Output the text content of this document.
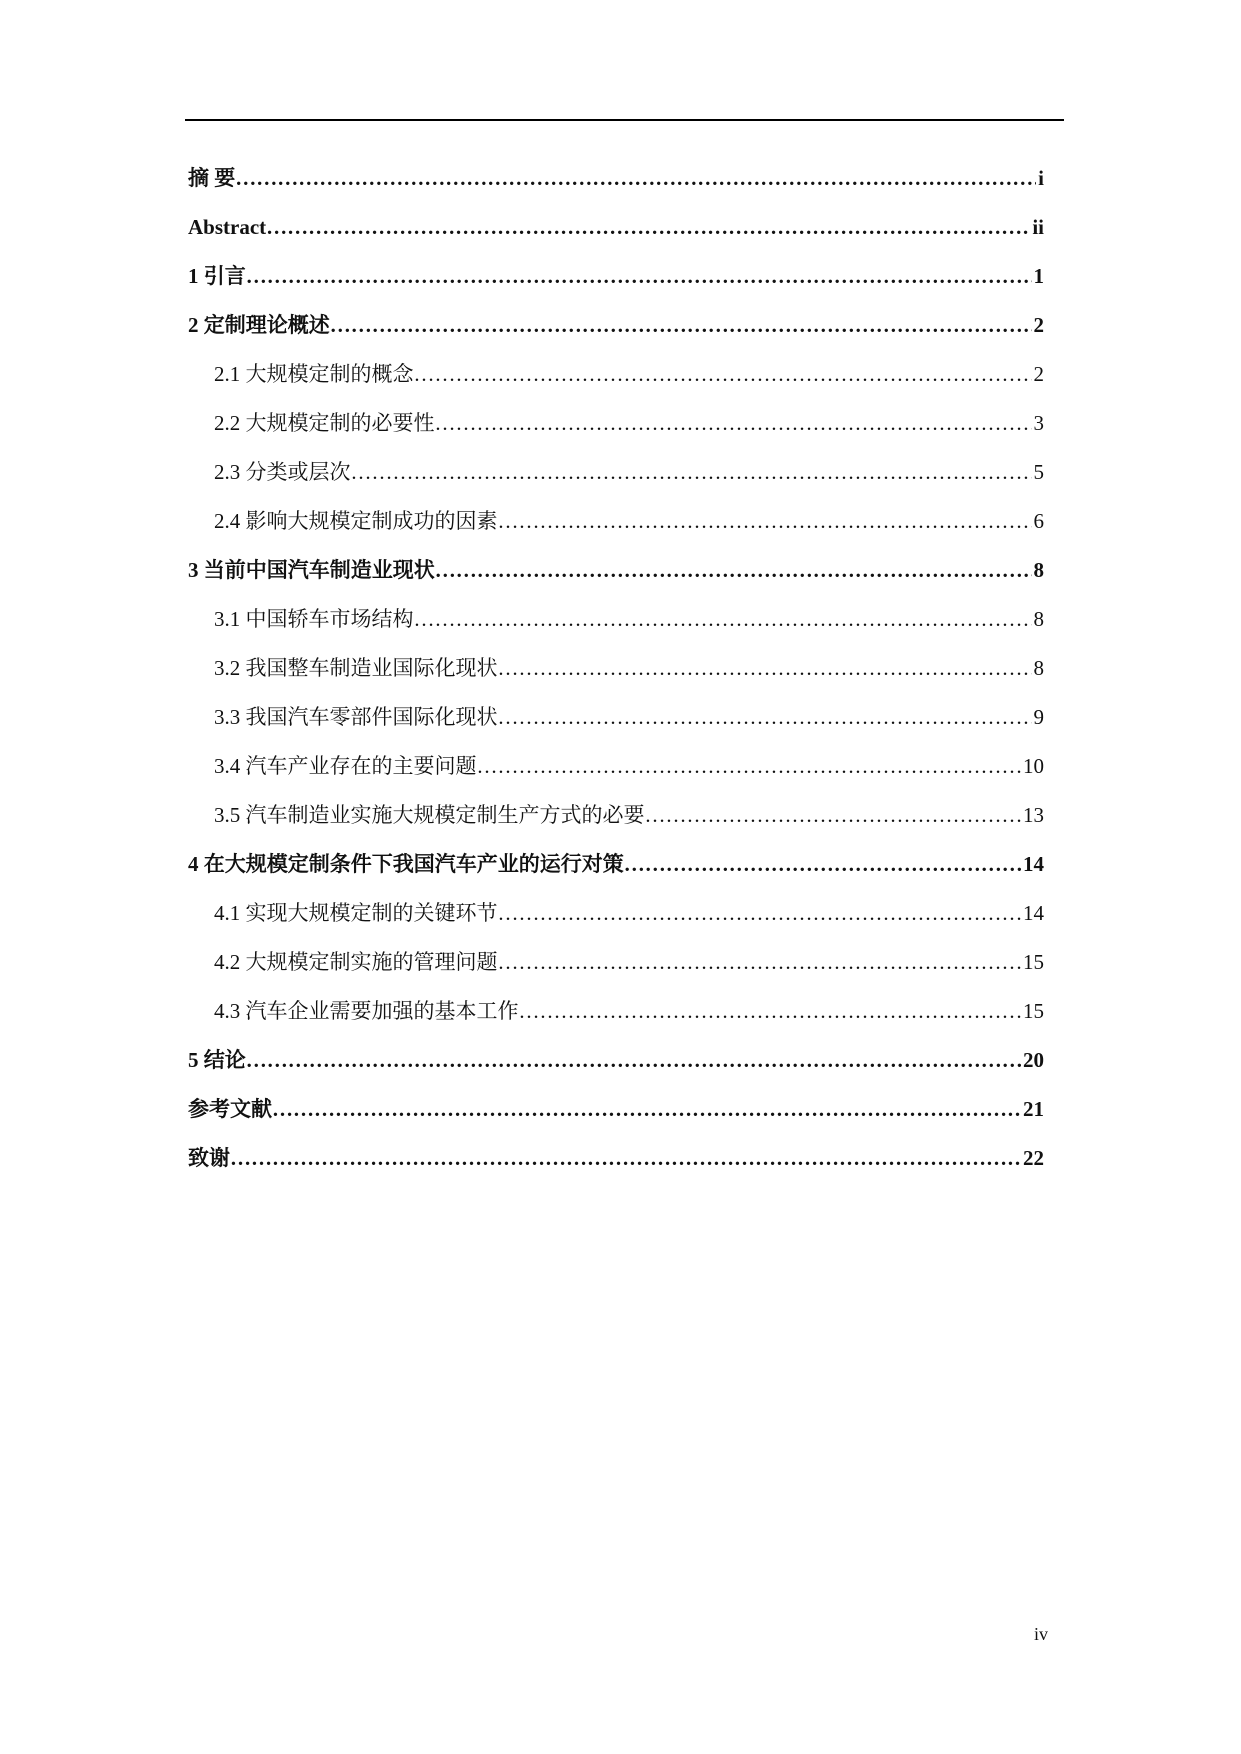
摘 要 …………………………………………………………………………………………………………………………………………………………………………………………	i
Abstract …………………………………………………………………………………………………………………………………………………………………………………………	ii
1 引言 …………………………………………………………………………………………………………………………………………………………………………………………	1
2 定制理论概述 …………………………………………………………………………………………………………………………………………………………………………………………	2
2.1 大规模定制的概念 …………………………………………………………………………………………………………………………………………………………………………………………	2
2.2 大规模定制的必要性 …………………………………………………………………………………………………………………………………………………………………………………………	3
2.3 分类或层次 …………………………………………………………………………………………………………………………………………………………………………………………	5
2.4 影响大规模定制成功的因素 …………………………………………………………………………………………………………………………………………………………………………………………	6
3 当前中国汽车制造业现状 …………………………………………………………………………………………………………………………………………………………………………………………	8
3.1 中国轿车市场结构 …………………………………………………………………………………………………………………………………………………………………………………………	8
3.2 我国整车制造业国际化现状 …………………………………………………………………………………………………………………………………………………………………………………………	8
3.3 我国汽车零部件国际化现状 …………………………………………………………………………………………………………………………………………………………………………………………	9
3.4 汽车产业存在的主要问题 …………………………………………………………………………………………………………………………………………………………………………………………	10
3.5 汽车制造业实施大规模定制生产方式的必要 …………………………………………………………………………………………………………………………………………………………………………………………	13
4 在大规模定制条件下我国汽车产业的运行对策 …………………………………………………………………………………………………………………………………………………………………………………………	14
4.1 实现大规模定制的关键环节 …………………………………………………………………………………………………………………………………………………………………………………………	14
4.2 大规模定制实施的管理问题 …………………………………………………………………………………………………………………………………………………………………………………………	15
4.3 汽车企业需要加强的基本工作 …………………………………………………………………………………………………………………………………………………………………………………………	15
5 结论 …………………………………………………………………………………………………………………………………………………………………………………………	20
参考文献 …………………………………………………………………………………………………………………………………………………………………………………………	21
致谢 …………………………………………………………………………………………………………………………………………………………………………………………	22
iv
